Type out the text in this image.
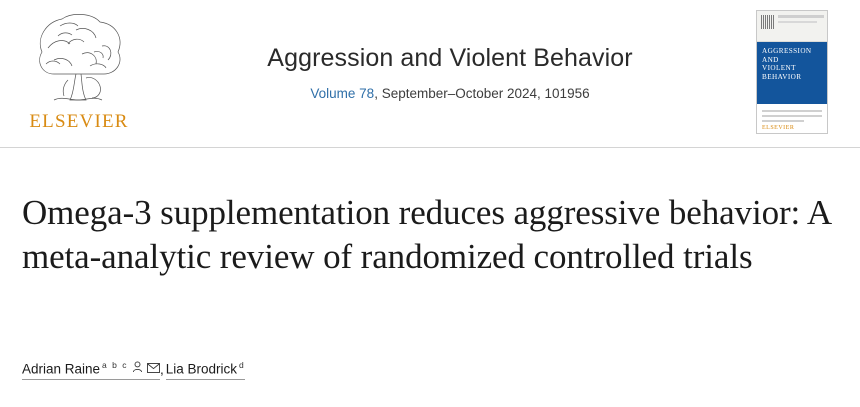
ELSEVIER
Aggression and Violent Behavior
Volume 78, September–October 2024, 101956
AGGRESSION
AND
VIOLENT
BEHAVIOR
ELSEVIER
Omega-3 supplementation reduces aggressive behavior: A meta-analytic review of randomized controlled trials
Adrian Raine $^{a b c}$ , Lia Brodrick $^d$
